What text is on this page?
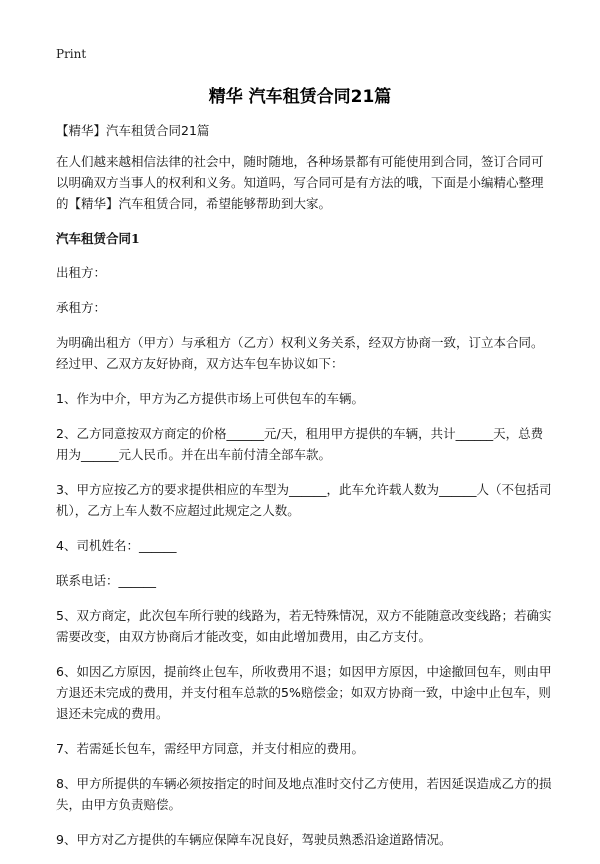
Print
精华 汽车租赁合同21篇

【精华】汽车租赁合同21篇

在人们越来越相信法律的社会中，随时随地，各种场景都有可能使用到合同，签订合同可以明确双方当事人的权利和义务。知道吗，写合同可是有方法的哦，下面是小编精心整理的【精华】汽车租赁合同，希望能够帮助到大家。

汽车租赁合同1

出租方：

承租方：

为明确出租方（甲方）与承租方（乙方）权利义务关系，经双方协商一致，订立本合同。经过甲、乙双方友好协商，双方达车包车协议如下：

1、作为中介，甲方为乙方提供市场上可供包车的车辆。

2、乙方同意按双方商定的价格______元/天，租用甲方提供的车辆，共计______天，总费用为______元人民币。并在出车前付清全部车款。

3、甲方应按乙方的要求提供相应的车型为______，此车允许载人数为______人（不包括司机），乙方上车人数不应超过此规定之人数。

4、司机姓名：______

联系电话：______

5、双方商定，此次包车所行驶的线路为，若无特殊情况，双方不能随意改变线路；若确实需要改变，由双方协商后才能改变，如由此增加费用，由乙方支付。

6、如因乙方原因，提前终止包车，所收费用不退；如因甲方原因，中途撤回包车，则由甲方退还未完成的费用，并支付租车总款的5%赔偿金；如双方协商一致，中途中止包车，则退还未完成的费用。

7、若需延长包车，需经甲方同意，并支付相应的费用。

8、甲方所提供的车辆必须按指定的时间及地点准时交付乙方使用，若因延误造成乙方的损失，由甲方负责赔偿。

9、甲方对乙方提供的车辆应保障车况良好，驾驶员熟悉沿途道路情况。
